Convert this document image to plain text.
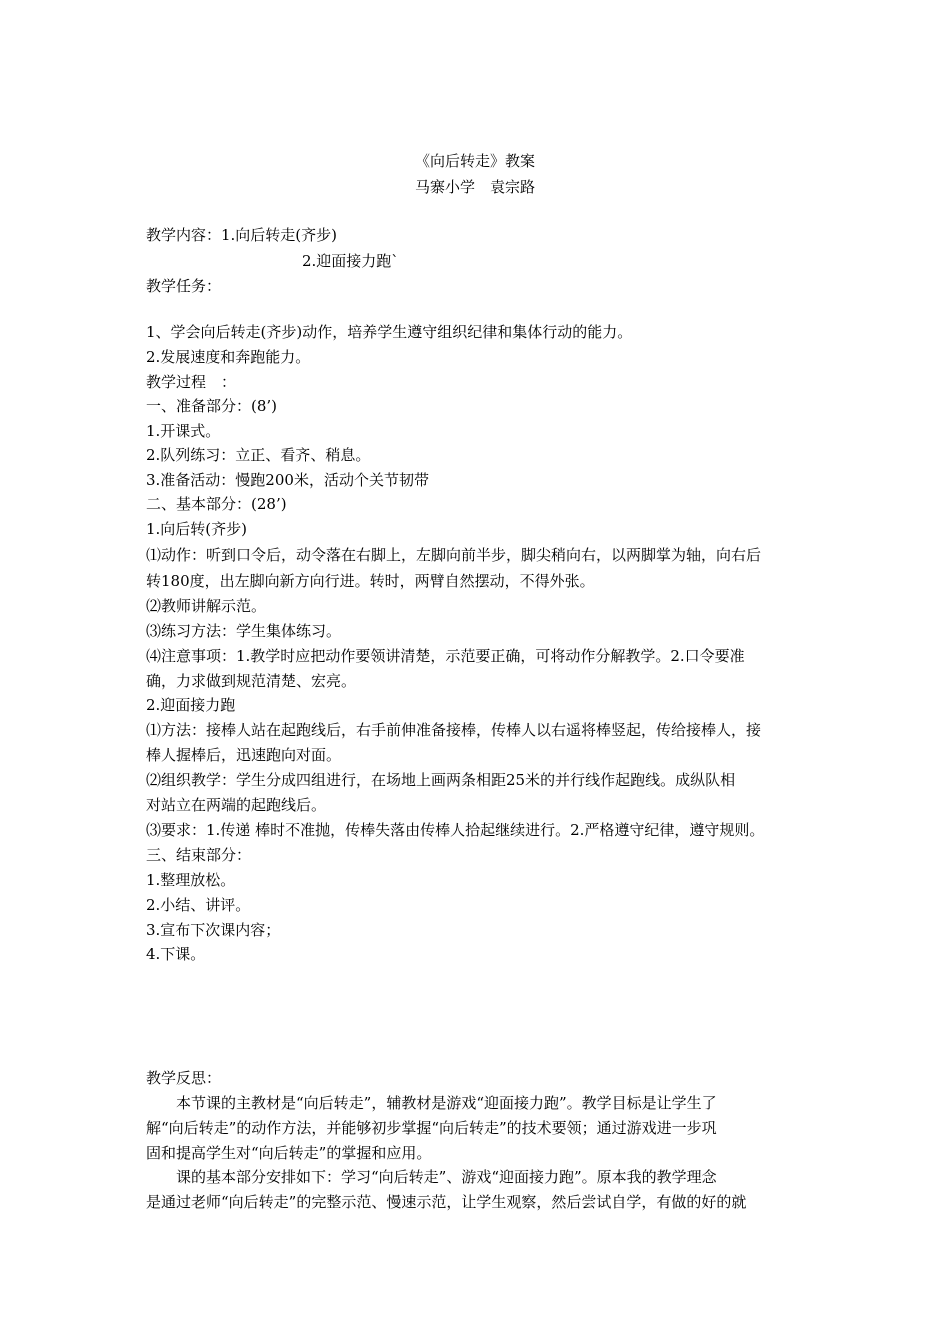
《向后转走》教案
马寨小学　袁宗路
教学内容：1.向后转走(齐步)
2.迎面接力跑`
教学任务：
1、学会向后转走(齐步)动作，培养学生遵守组织纪律和集体行动的能力。
2.发展速度和奔跑能力。
教学过程　：
一、准备部分：(8’)
1.开课式。
2.队列练习：立正、看齐、稍息。
3.准备活动：慢跑200米，活动个关节韧带
二、基本部分：(28’)
1.向后转(齐步)
⑴动作：听到口令后，动令落在右脚上，左脚向前半步，脚尖稍向右，以两脚掌为轴，向右后
转180度，出左脚向新方向行进。转时，两臂自然摆动，不得外张。
⑵教师讲解示范。
⑶练习方法：学生集体练习。
⑷注意事项：1.教学时应把动作要领讲清楚，示范要正确，可将动作分解教学。2.口令要准
确，力求做到规范清楚、宏亮。
2.迎面接力跑
⑴方法：接棒人站在起跑线后，右手前伸准备接棒，传棒人以右遥将棒竖起，传给接棒人，接
棒人握棒后，迅速跑向对面。
⑵组织教学：学生分成四组进行，在场地上画两条相距25米的并行线作起跑线。成纵队相
对站立在两端的起跑线后。
⑶要求：1.传递 棒时不准抛，传棒失落由传棒人拾起继续进行。2.严格遵守纪律，遵守规则。
三、结束部分：
1.整理放松。
2.小结、讲评。
3.宣布下次课内容；
4.下课。
教学反思：
　　本节课的主教材是“向后转走”，辅教材是游戏“迎面接力跑”。教学目标是让学生了
解“向后转走”的动作方法，并能够初步掌握“向后转走”的技术要领；通过游戏进一步巩
固和提高学生对“向后转走”的掌握和应用。
　　课的基本部分安排如下：学习“向后转走”、游戏“迎面接力跑”。原本我的教学理念
是通过老师“向后转走”的完整示范、慢速示范，让学生观察，然后尝试自学，有做的好的就
